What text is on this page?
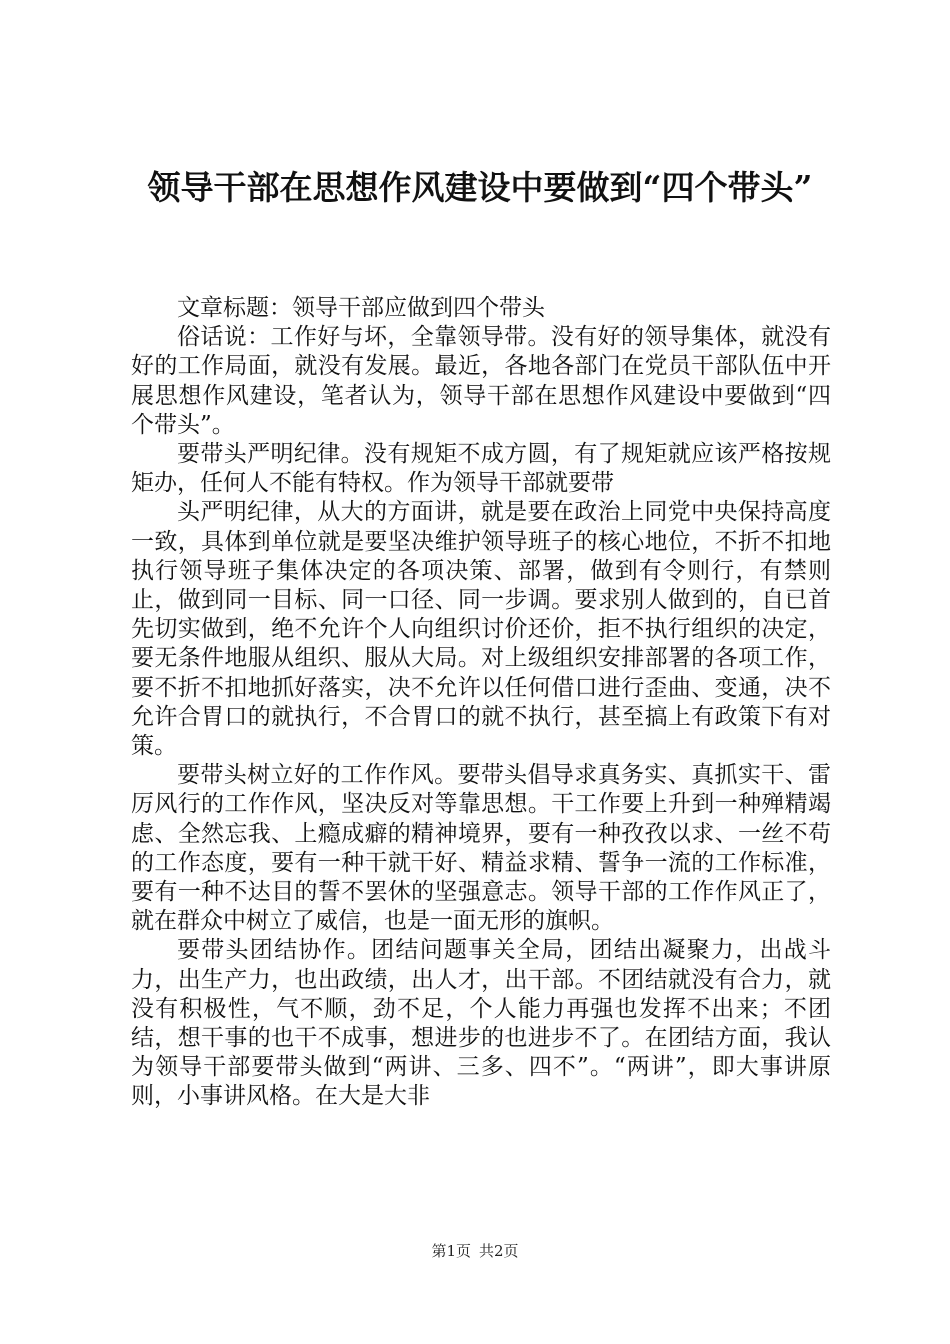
领导干部在思想作风建设中要做到“四个带头”

文章标题：领导干部应做到四个带头

俗话说：工作好与坏，全靠领导带。没有好的领导集体，就没有好的工作局面，就没有发展。最近，各地各部门在党员干部队伍中开展思想作风建设，笔者认为，领导干部在思想作风建设中要做到“四个带头”。

要带头严明纪律。没有规矩不成方圆，有了规矩就应该严格按规矩办，任何人不能有特权。作为领导干部就要带

头严明纪律，从大的方面讲，就是要在政治上同党中央保持高度一致，具体到单位就是要坚决维护领导班子的核心地位，不折不扣地执行领导班子集体决定的各项决策、部署，做到有令则行，有禁则止，做到同一目标、同一口径、同一步调。要求别人做到的，自已首先切实做到，绝不允许个人向组织讨价还价，拒不执行组织的决定，要无条件地服从组织、服从大局。对上级组织安排部署的各项工作，要不折不扣地抓好落实，决不允许以任何借口进行歪曲、变通，决不允许合胃口的就执行，不合胃口的就不执行，甚至搞上有政策下有对策。

要带头树立好的工作作风。要带头倡导求真务实、真抓实干、雷厉风行的工作作风，坚决反对等靠思想。干工作要上升到一种殚精竭虑、全然忘我、上瘾成癖的精神境界，要有一种孜孜以求、一丝不苟的工作态度，要有一种干就干好、精益求精、誓争一流的工作标准，要有一种不达目的誓不罢休的坚强意志。领导干部的工作作风正了，就在群众中树立了威信，也是一面无形的旗帜。

要带头团结协作。团结问题事关全局，团结出凝聚力，出战斗力，出生产力，也出政绩，出人才，出干部。不团结就没有合力，就没有积极性，气不顺，劲不足，个人能力再强也发挥不出来；不团结，想干事的也干不成事，想进步的也进步不了。在团结方面，我认为领导干部要带头做到“两讲、三多、四不”。“两讲”，即大事讲原则，小事讲风格。在大是大非

第1页 共2页
